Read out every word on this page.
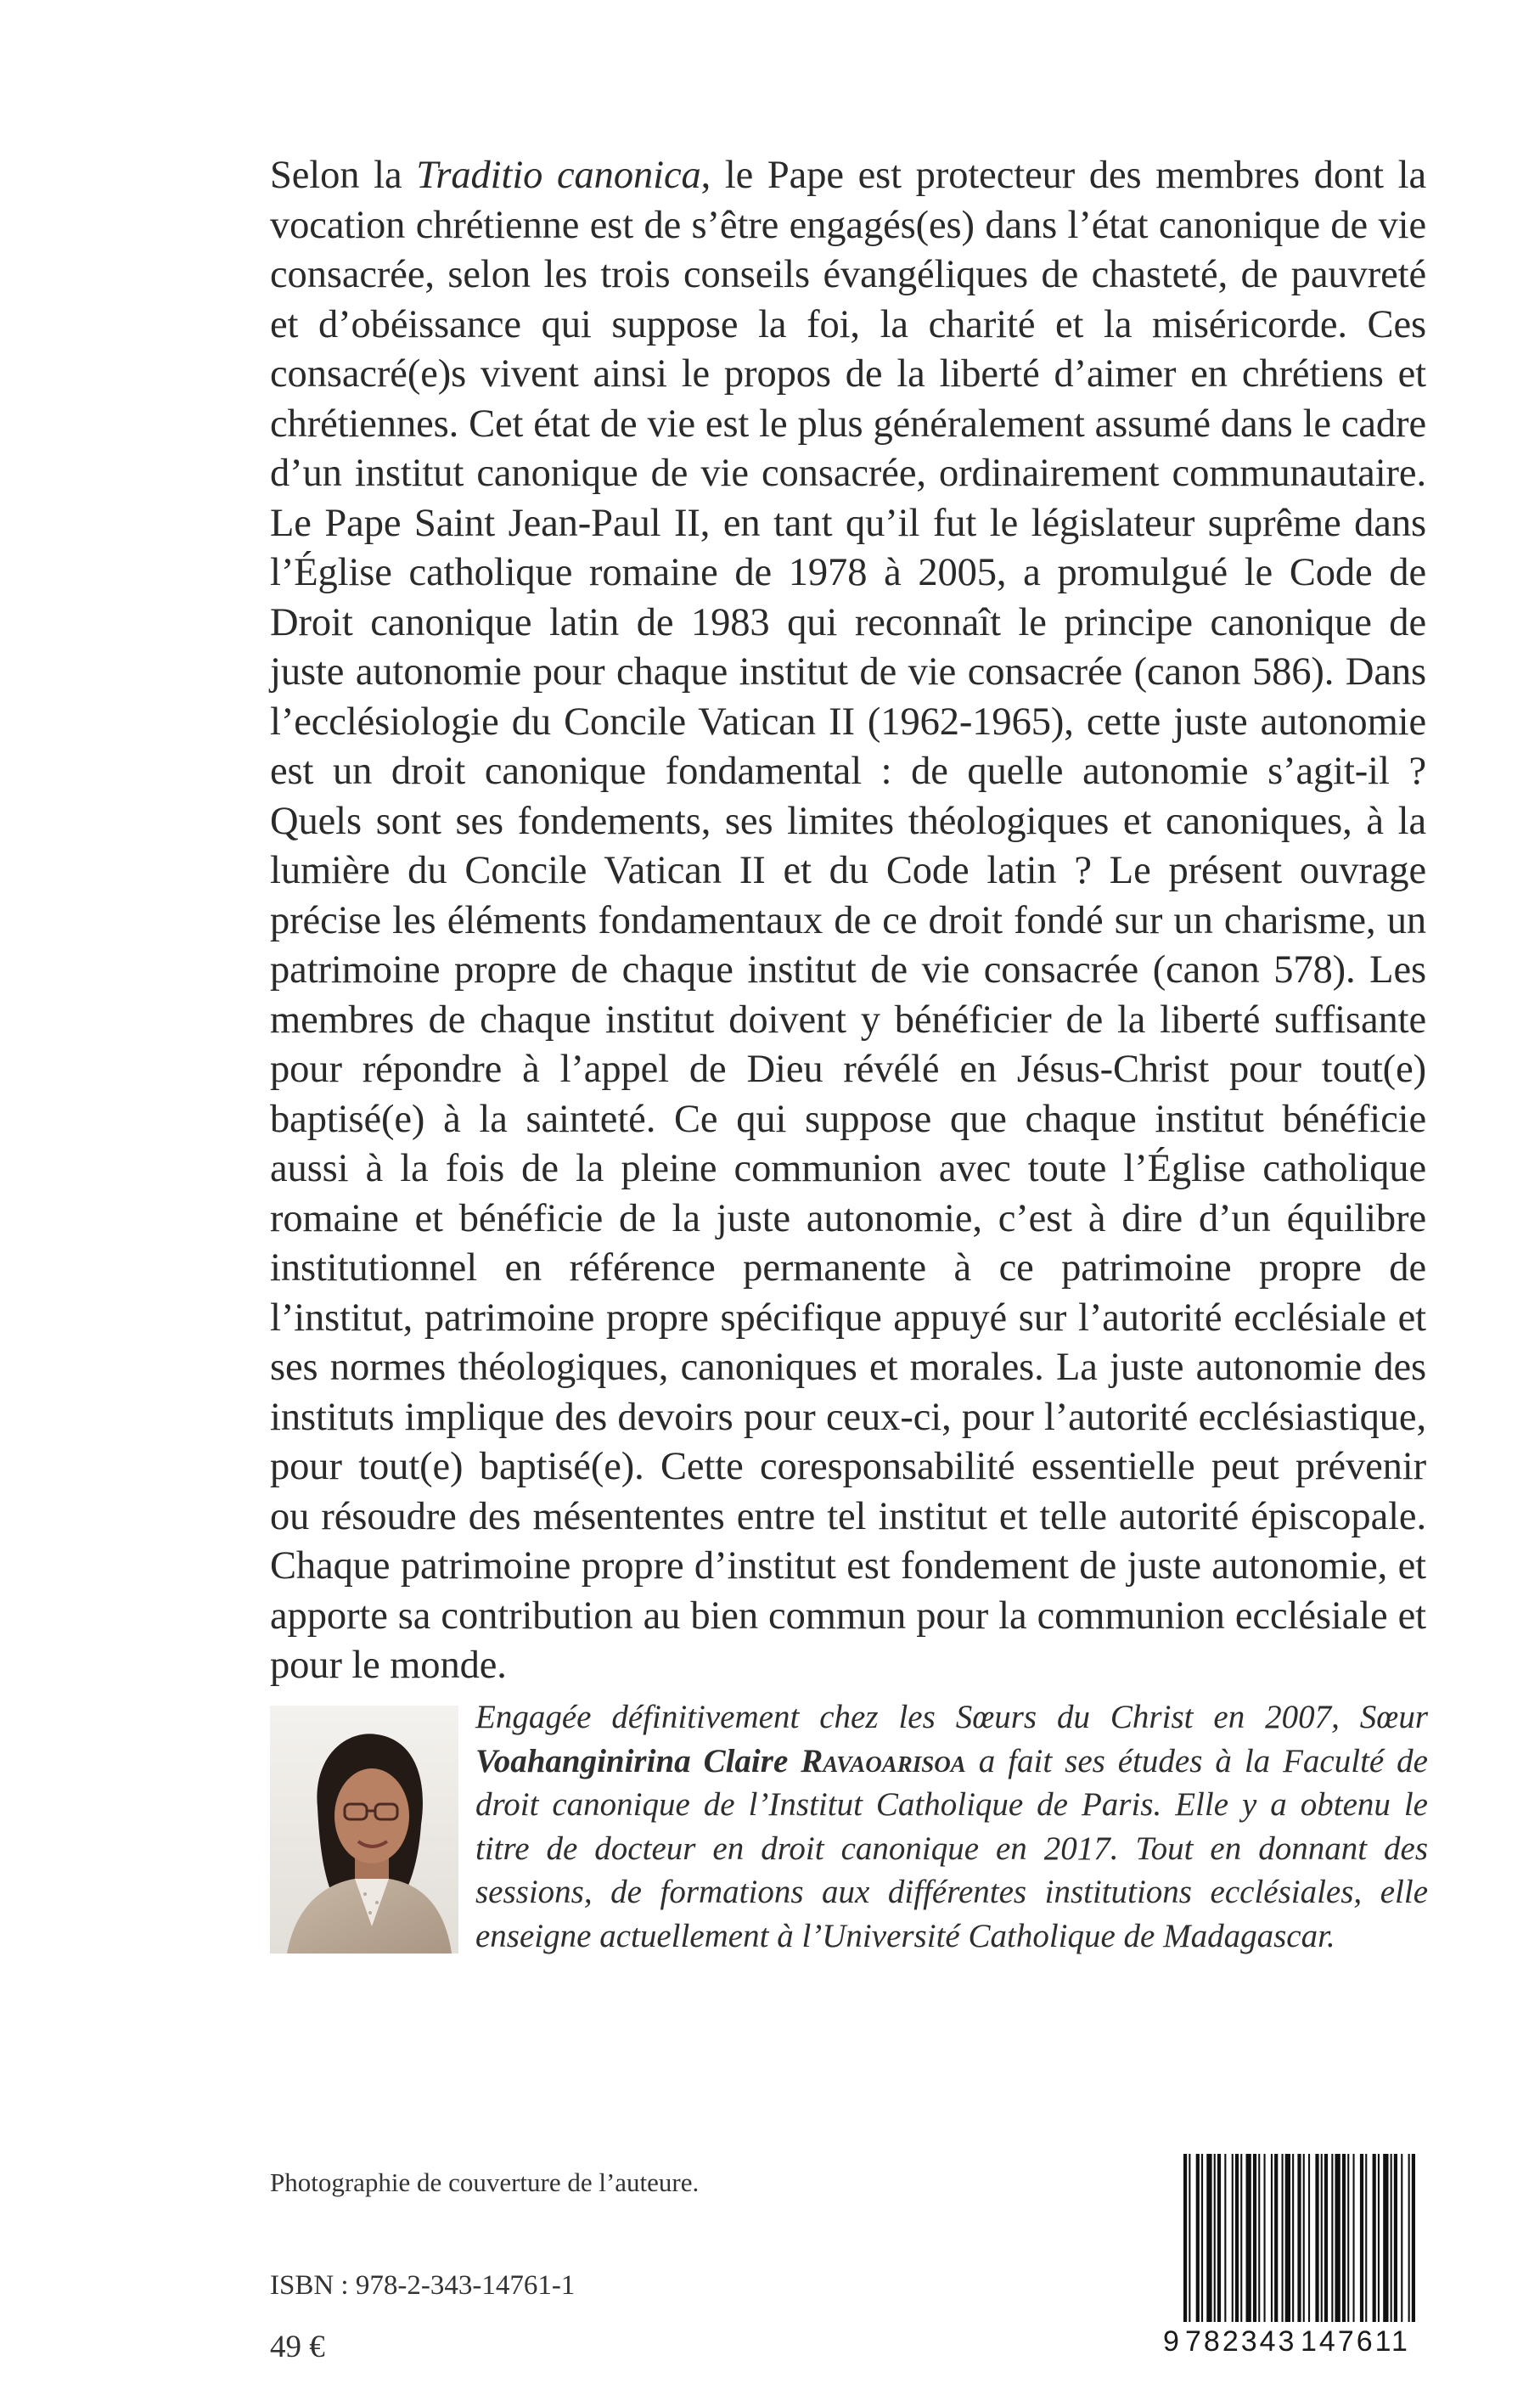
Selon la Traditio canonica, le Pape est protecteur des membres dont la vocation chrétienne est de s’être engagés(es) dans l’état canonique de vie consacrée, selon les trois conseils évangéliques de chasteté, de pauvreté et d’obéissance qui suppose la foi, la charité et la miséricorde. Ces consacré(e)s vivent ainsi le propos de la liberté d’aimer en chrétiens et chrétiennes. Cet état de vie est le plus généralement assumé dans le cadre d’un institut canonique de vie consacrée, ordinairement communautaire. Le Pape Saint Jean-Paul II, en tant qu’il fut le législateur suprême dans l’Église catholique romaine de 1978 à 2005, a promulgué le Code de Droit canonique latin de 1983 qui reconnaît le principe canonique de juste autonomie pour chaque institut de vie consacrée (canon 586). Dans l’ecclésiologie du Concile Vatican II (1962-1965), cette juste autonomie est un droit canonique fondamental : de quelle autonomie s’agit-il ? Quels sont ses fondements, ses limites théologiques et canoniques, à la lumière du Concile Vatican II et du Code latin ? Le présent ouvrage précise les éléments fondamentaux de ce droit fondé sur un charisme, un patrimoine propre de chaque institut de vie consacrée (canon 578). Les membres de chaque institut doivent y bénéficier de la liberté suffisante pour répondre à l’appel de Dieu révélé en Jésus-Christ pour tout(e) baptisé(e) à la sainteté. Ce qui suppose que chaque institut bénéficie aussi à la fois de la pleine communion avec toute l’Église catholique romaine et bénéficie de la juste autonomie, c’est à dire d’un équilibre institutionnel en référence permanente à ce patrimoine propre de l’institut, patrimoine propre spécifique appuyé sur l’autorité ecclésiale et ses normes théologiques, canoniques et morales. La juste autonomie des instituts implique des devoirs pour ceux-ci, pour l’autorité ecclésiastique, pour tout(e) baptisé(e). Cette coresponsabilité essentielle peut prévenir ou résoudre des mésententes entre tel institut et telle autorité épiscopale. Chaque patrimoine propre d’institut est fondement de juste autonomie, et apporte sa contribution au bien commun pour la communion ecclésiale et pour le monde.

Engagée définitivement chez les Sœurs du Christ en 2007, Sœur Voahanginirina Claire Ravaoarisoa a fait ses études à la Faculté de droit canonique de l’Institut Catholique de Paris. Elle y a obtenu le titre de docteur en droit canonique en 2017. Tout en donnant des sessions, de formations aux différentes institutions ecclésiales, elle enseigne actuellement à l’Université Catholique de Madagascar.

Photographie de couverture de l’auteure.
ISBN : 978-2-343-14761-1
49 €	9 782343 147611
